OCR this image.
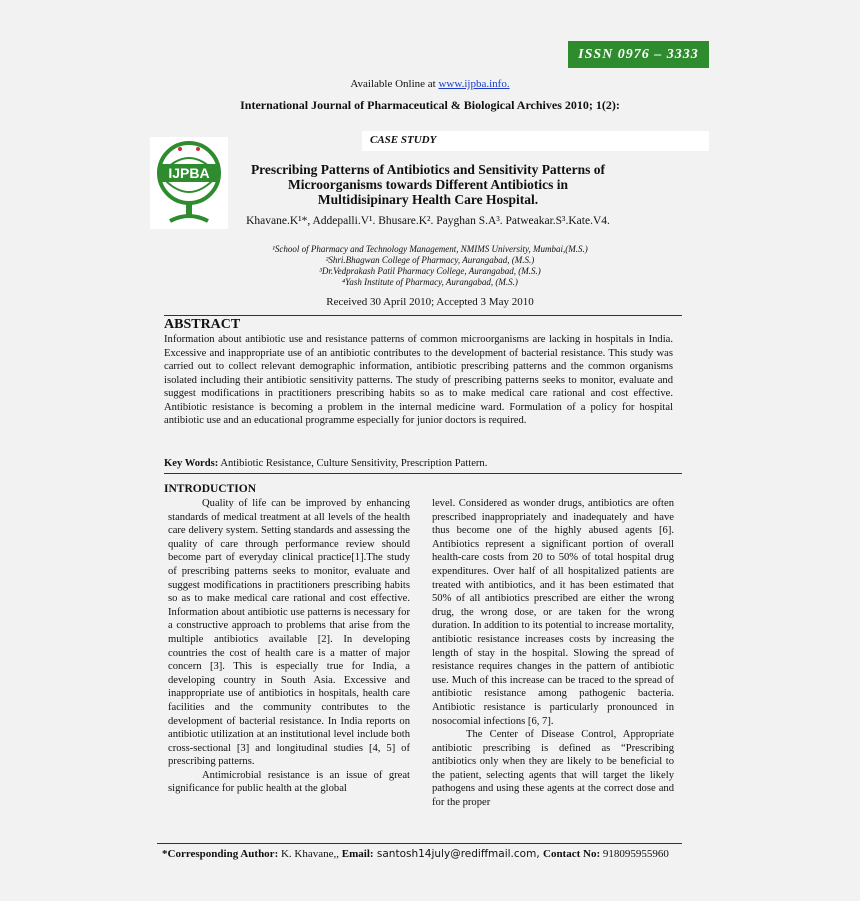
ISSN 0976 – 3333
Available Online at www.ijpba.info.
International Journal of Pharmaceutical & Biological Archives 2010; 1(2):
CASE STUDY
IJPBA	Prescribing Patterns of Antibiotics and Sensitivity Patterns of
Microorganisms towards Different Antibiotics in
Multidisipinary Health Care Hospital.
Khavane.K¹*, Addepalli.V¹. Bhusare.K². Payghan S.A³. Patweakar.S³.Kate.V4.
¹School of Pharmacy and Technology Management, NMIMS University, Mumbai,(M.S.)
²Shri.Bhagwan College of Pharmacy, Aurangabad, (M.S.)
³Dr.Vedprakash Patil Pharmacy College, Aurangabad, (M.S.)
⁴Yash Institute of Pharmacy, Aurangabad, (M.S.)
Received 30 April 2010; Accepted 3 May 2010
ABSTRACT
Information about antibiotic use and resistance patterns of common microorganisms are lacking in hospitals in India. Excessive and inappropriate use of an antibiotic contributes to the development of bacterial resistance. This study was carried out to collect relevant demographic information, antibiotic prescribing patterns and the common organisms isolated including their antibiotic sensitivity patterns. The study of prescribing patterns seeks to monitor, evaluate and suggest modifications in practitioners prescribing habits so as to make medical care rational and cost effective. Antibiotic resistance is becoming a problem in the internal medicine ward. Formulation of a policy for hospital antibiotic use and an educational programme especially for junior doctors is required.
Key Words: Antibiotic Resistance, Culture Sensitivity, Prescription Pattern.
INTRODUCTION

Quality of life can be improved by enhancing standards of medical treatment at all levels of the health care delivery system. Setting standards and assessing the quality of care through performance review should become part of everyday clinical practice[1].The study of prescribing patterns seeks to monitor, evaluate and suggest modifications in practitioners prescribing habits so as to make medical care rational and cost effective. Information about antibiotic use patterns is necessary for a constructive approach to problems that arise from the multiple antibiotics available [2]. In developing countries the cost of health care is a matter of major concern [3]. This is especially true for India, a developing country in South Asia. Excessive and inappropriate use of antibiotics in hospitals, health care facilities and the community contributes to the development of bacterial resistance. In India reports on antibiotic utilization at an institutional level include both cross-sectional [3] and longitudinal studies [4, 5] of prescribing patterns.

Antimicrobial resistance is an issue of great significance for public health at the global

level. Considered as wonder drugs, antibiotics are often prescribed inappropriately and inadequately and have thus become one of the highly abused agents [6]. Antibiotics represent a significant portion of overall health-care costs from 20 to 50% of total hospital drug expenditures. Over half of all hospitalized patients are treated with antibiotics, and it has been estimated that 50% of all antibiotics prescribed are either the wrong drug, the wrong dose, or are taken for the wrong duration. In addition to its potential to increase mortality, antibiotic resistance increases costs by increasing the length of stay in the hospital. Slowing the spread of resistance requires changes in the pattern of antibiotic use. Much of this increase can be traced to the spread of antibiotic resistance among pathogenic bacteria. Antibiotic resistance is particularly pronounced in nosocomial infections [6, 7].

The Center of Disease Control, Appropriate antibiotic prescribing is defined as “Prescribing antibiotics only when they are likely to be beneficial to the patient, selecting agents that will target the likely pathogens and using these agents at the correct dose and for the proper

*Corresponding Author: K. Khavane,, Email: santosh14july@rediffmail.com, Contact No: 918095955960
